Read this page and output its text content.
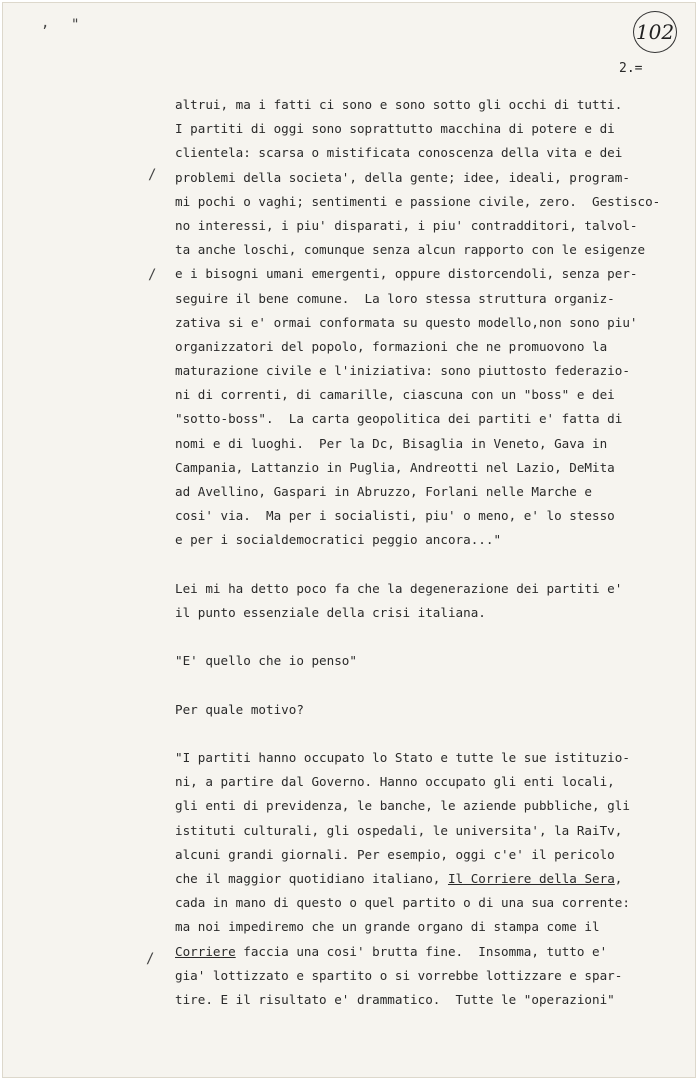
102
2.=
, "
/
/
/
altrui, ma i fatti ci sono e sono sotto gli occhi di tutti.
I partiti di oggi sono soprattutto macchina di potere e di
clientela: scarsa o mistificata conoscenza della vita e dei
problemi della societa', della gente; idee, ideali, program-
mi pochi o vaghi; sentimenti e passione civile, zero.  Gestisco-
no interessi, i piu' disparati, i piu' contradditori, talvol-
ta anche loschi, comunque senza alcun rapporto con le esigenze
e i bisogni umani emergenti, oppure distorcendoli, senza per-
seguire il bene comune.  La loro stessa struttura organiz-
zativa si e' ormai conformata su questo modello,non sono piu'
organizzatori del popolo, formazioni che ne promuovono la
maturazione civile e l'iniziativa: sono piuttosto federazio-
ni di correnti, di camarille, ciascuna con un "boss" e dei
"sotto-boss".  La carta geopolitica dei partiti e' fatta di
nomi e di luoghi.  Per la Dc, Bisaglia in Veneto, Gava in
Campania, Lattanzio in Puglia, Andreotti nel Lazio, DeMita
ad Avellino, Gaspari in Abruzzo, Forlani nelle Marche e
cosi' via.  Ma per i socialisti, piu' o meno, e' lo stesso
e per i socialdemocratici peggio ancora..."
Lei mi ha detto poco fa che la degenerazione dei partiti e'
il punto essenziale della crisi italiana.
"E' quello che io penso"
Per quale motivo?
"I partiti hanno occupato lo Stato e tutte le sue istituzio-
ni, a partire dal Governo. Hanno occupato gli enti locali,
gli enti di previdenza, le banche, le aziende pubbliche, gli
istituti culturali, gli ospedali, le universita', la RaiTv,
alcuni grandi giornali. Per esempio, oggi c'e' il pericolo
che il maggior quotidiano italiano, Il Corriere della Sera,
cada in mano di questo o quel partito o di una sua corrente:
ma noi impediremo che un grande organo di stampa come il
Corriere faccia una cosi' brutta fine.  Insomma, tutto e'
gia' lottizzato e spartito o si vorrebbe lottizzare e spar-
tire. E il risultato e' drammatico.  Tutte le "operazioni"
